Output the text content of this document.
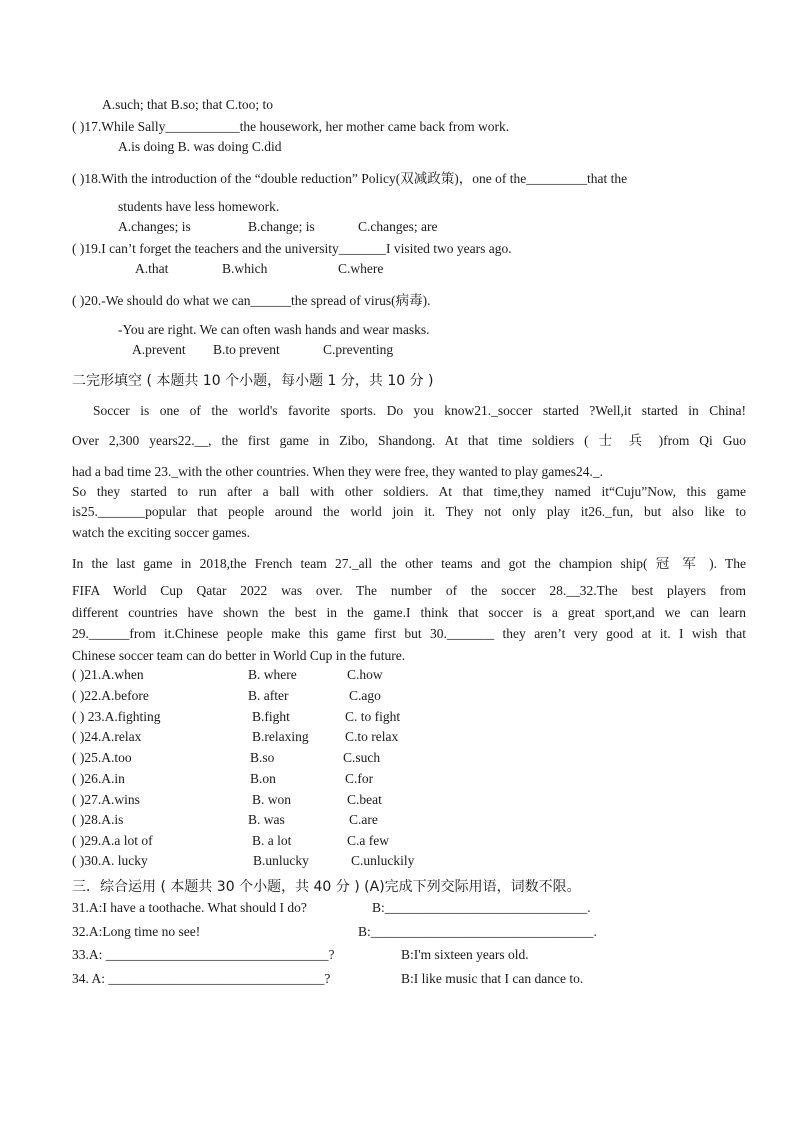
A.such; that B.so; that C.too; to
( )17.While Sally___________the housework, her mother came back from work.
A.is doing B. was doing C.did
( )18.With the introduction of the “double reduction” Policy(双减政策)，one of the_________that the
students have less homework.
A.changes; is	B.change; is	C.changes; are
( )19.I can’t forget the teachers and the university_______I visited two years ago.
A.that	B.which	C.where
( )20.-We should do what we can______the spread of virus(病毒).
-You are right. We can often wash hands and wear masks.
A.prevent B.to prevent	C.preventing
二完形填空 ( 本题共 10 个小题，每小题 1 分，共 10 分 )
Soccer is one of the world's favorite sports. Do you know21._soccer started ?Well,it started in China!
Over 2,300 years22.__, the first game in Zibo, Shandong. At that time soldiers ( 士 兵 )from Qi Guo
had a bad time 23._with the other countries. When they were free, they wanted to play games24._.
So they started to run after a ball with other soldiers. At that time,they named it“Cuju”Now, this game
is25._______popular that people around the world join it. They not only play it26._fun, but also like to
watch the exciting soccer games.
In the last game in 2018,the French team 27._all the other teams and got the champion ship( 冠 军 ). The
FIFA World Cup Qatar 2022 was over. The number of the soccer 28.__32.The best players from
different countries have shown the best in the game.I think that soccer is a great sport,and we can learn
29.______from it.Chinese people make this game first but 30._______ they aren’t very good at it. I wish that
Chinese soccer team can do better in World Cup in the future.
( )21.A.when	B. where	C.how
( )22.A.before	B. after	C.ago
( ) 23.A.fighting	B.fight	C. to fight
( )24.A.relax	B.relaxing	C.to relax
( )25.A.too	B.so	C.such
( )26.A.in	B.on	C.for
( )27.A.wins	B. won	C.beat
( )28.A.is	B. was	C.are
( )29.A.a lot of	B. a lot	C.a few
( )30.A. lucky	B.unlucky	C.unluckily
三．综合运用 ( 本题共 30 个小题，共 40 分 ) (A)完成下列交际用语，词数不限。
31.A:I have a toothache. What should I do?	B:______________________________.
32.A:Long time no see!	B:_________________________________.
33.A: _________________________________?	B:I'm sixteen years old.
34. A: ________________________________?	B:I like music that I can dance to.
